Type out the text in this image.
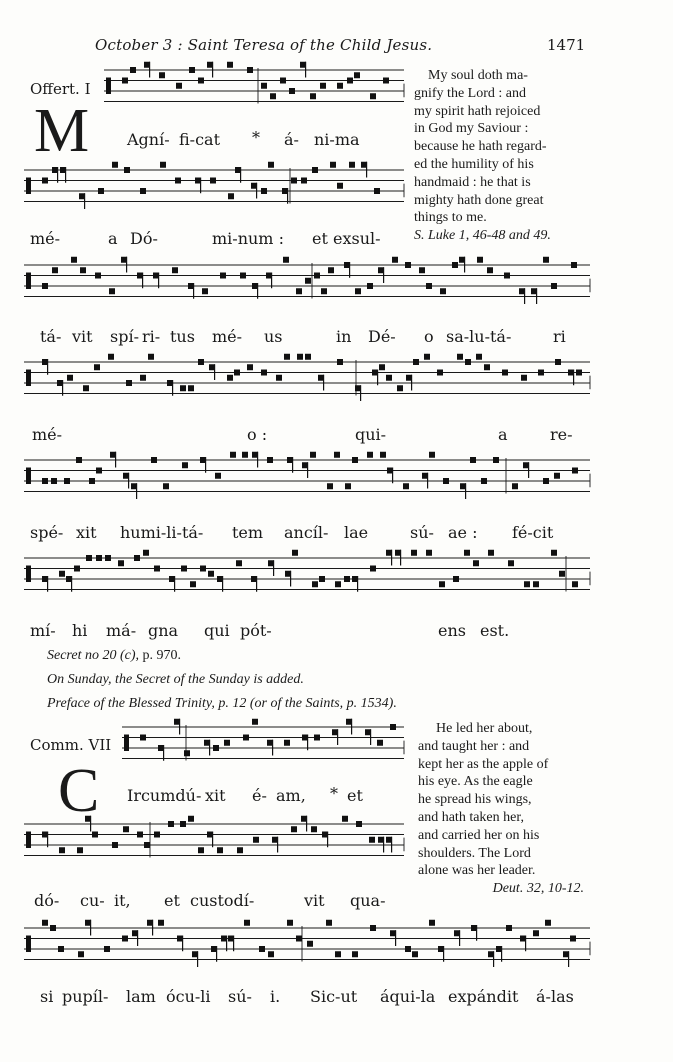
October 3 : Saint Teresa of the Child Jesus.	1471
Offert. I
M Agní- fi-cat * á- ni-ma
mé-	a Dó-	mi-num : et exsul-
My soul doth ma-
gnify the Lord : and
my spirit hath rejoiced
in God my Saviour :
because he hath regard-
ed the humility of his
handmaid : he that is
mighty hath done great
things to me.
S. Luke 1, 46-48 and 49.
tá- vit spí- ri- tus mé- us	in Dé- o sa-lu-tá-	ri
mé-	o :	qui-	a	re-
spé- xit humi-li-tá- tem ancíl- lae	sú- ae : fé-cit
mí- hi má- gna qui pót-	ens est.
Secret no 20 (c), p. 970.
On Sunday, the Secret of the Sunday is added.
Preface of the Blessed Trinity, p. 12 (or of the Saints, p. 1534).
Comm. VII
C Ircumdú- xit é- am, * et
dó- cu- it, et custodí-	vit qua-
He led her about,
and taught her : and
kept her as the apple of
his eye. As the eagle
he spread his wings,
and hath taken her,
and carried her on his
shoulders. The Lord
alone was her leader.
Deut. 32, 10-12.
si pupíl- lam ócu-li sú- i. Sic-ut áqui-la expándit á-las
